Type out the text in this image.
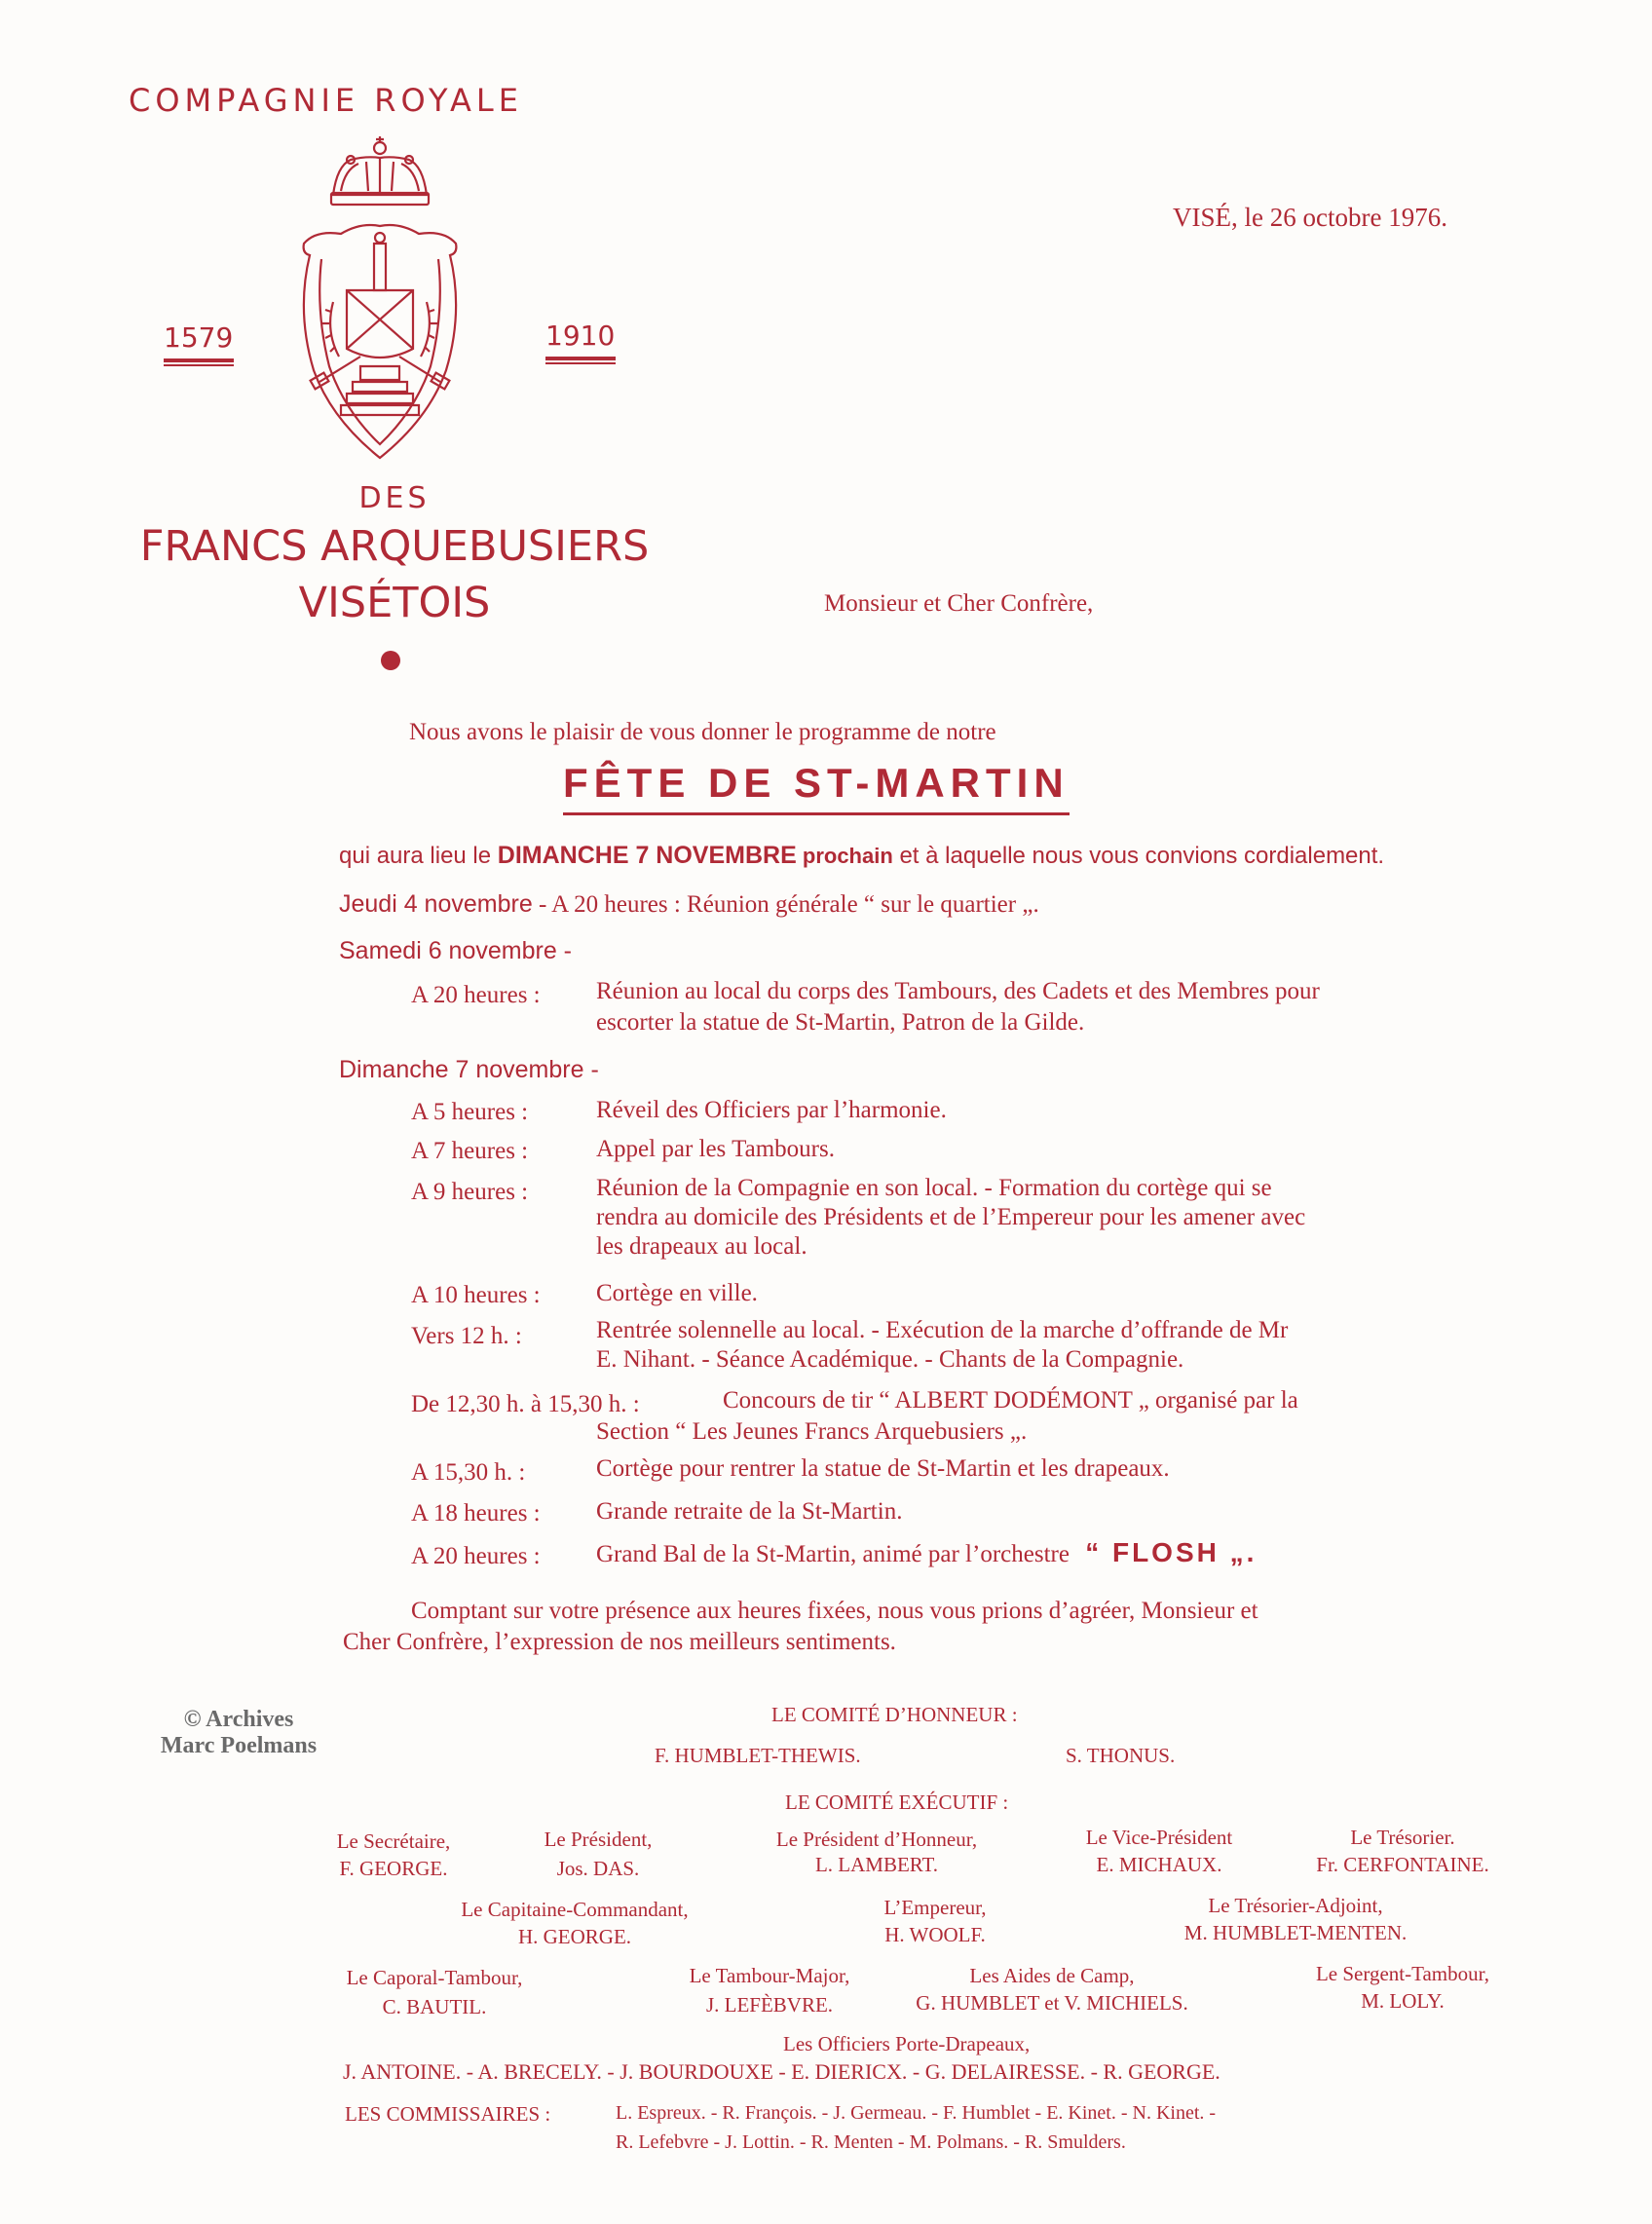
COMPAGNIE ROYALE
1579	1910
DES
FRANCS ARQUEBUSIERS
VISÉTOIS
VISÉ, le 26 octobre 1976.
Monsieur et Cher Confrère,
Nous avons le plaisir de vous donner le programme de notre
FÊTE DE ST-MARTIN
qui aura lieu le DIMANCHE 7 NOVEMBRE prochain et à laquelle nous vous convions cordialement.
Jeudi 4 novembre - A 20 heures : Réunion générale “ sur le quartier „.
Samedi 6 novembre -
A 20 heures : Réunion au local du corps des Tambours, des Cadets et des Membres pour
escorter la statue de St-Martin, Patron de la Gilde.
Dimanche 7 novembre -
A 5 heures :	Réveil des Officiers par l’harmonie.
A 7 heures :	Appel par les Tambours.
A 9 heures :	Réunion de la Compagnie en son local. - Formation du cortège qui se
rendra au domicile des Présidents et de l’Empereur pour les amener avec
les drapeaux au local.
A 10 heures : Cortège en ville.
Vers 12 h. :	Rentrée solennelle au local. - Exécution de la marche d’offrande de Mr
E. Nihant. - Séance Académique. - Chants de la Compagnie.
De 12,30 h. à 15,30 h. :	Concours de tir “ ALBERT DODÉMONT „ organisé par la
Section “ Les Jeunes Francs Arquebusiers „.
A 15,30 h. :	Cortège pour rentrer la statue de St-Martin et les drapeaux.
A 18 heures : Grande retraite de la St-Martin.
A 20 heures : Grand Bal de la St-Martin, animé par l’orchestre “ FLOSH „.
Comptant sur votre présence aux heures fixées, nous vous prions d’agréer, Monsieur et
Cher Confrère, l’expression de nos meilleurs sentiments.
© Archives
Marc Poelmans
LE COMITÉ D’HONNEUR :
F. HUMBLET-THEWIS.	S. THONUS.
LE COMITÉ EXÉCUTIF :
Le Secrétaire,
F. GEORGE.
Le Président,
Jos. DAS.
Le Président d’Honneur,
L. LAMBERT.
Le Vice-Président
E. MICHAUX.
Le Trésorier.
Fr. CERFONTAINE.
Le Capitaine-Commandant,
H. GEORGE.
L’Empereur,
H. WOOLF.
Le Trésorier-Adjoint,
M. HUMBLET-MENTEN.
Le Caporal-Tambour,
C. BAUTIL.
Le Tambour-Major,
J. LEFÈBVRE.
Les Aides de Camp,
G. HUMBLET et V. MICHIELS.
Le Sergent-Tambour,
M. LOLY.
Les Officiers Porte-Drapeaux,
J. ANTOINE. - A. BRECELY. - J. BOURDOUXE - E. DIERICX. - G. DELAIRESSE. - R. GEORGE.
LES COMMISSAIRES :	L. Espreux. - R. François. - J. Germeau. - F. Humblet - E. Kinet. - N. Kinet. -
R. Lefebvre - J. Lottin. - R. Menten - M. Polmans. - R. Smulders.
